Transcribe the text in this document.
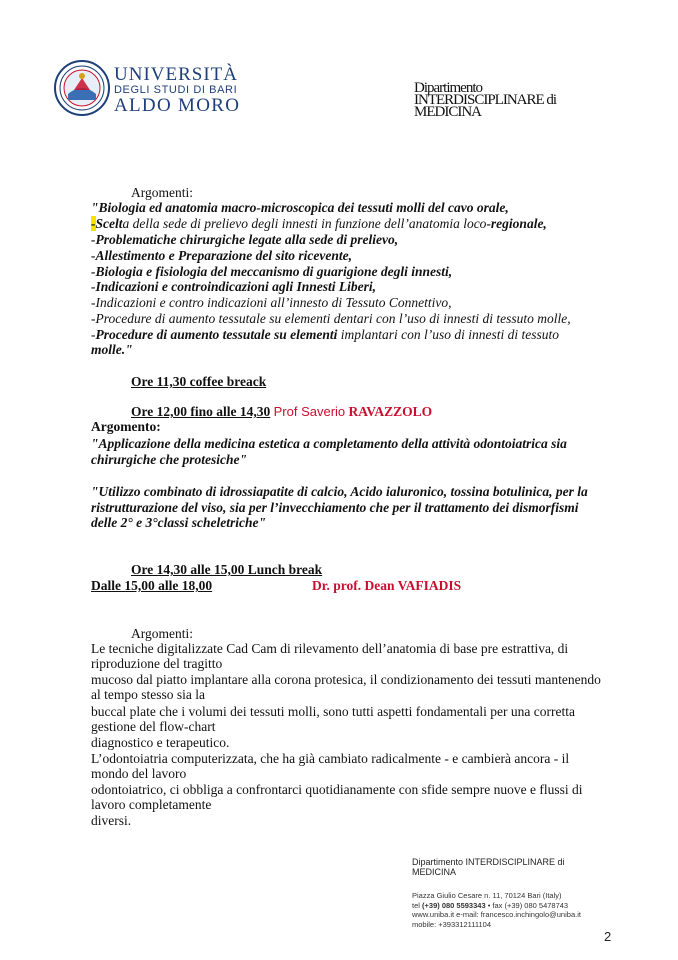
UNIVERSITÀ
DEGLI STUDI DI BARI
ALDO MORO
Dipartimento
INTERDISCIPLINARE di
MEDICINA
Argomenti:
"Biologia ed anatomia macro-microscopica dei tessuti molli del cavo orale,
-Scelta della sede di prelievo degli innesti in funzione dell’anatomia loco-regionale,
-Problematiche chirurgiche legate alla sede di prelievo,
-Allestimento e Preparazione del sito ricevente,
-Biologia e fisiologia del meccanismo di guarigione degli innesti,
-Indicazioni e controindicazioni agli Innesti Liberi,
-Indicazioni e contro indicazioni all’innesto di Tessuto Connettivo,
-Procedure di aumento tessutale su elementi dentari con l’uso di innesti di tessuto molle,
-Procedure di aumento tessutale su elementi implantari con l’uso di innesti di tessuto
molle."
Ore 11,30 coffee breack
Ore 12,00 fino alle 14,30 Prof Saverio RAVAZZOLO
Argomento:
"Applicazione della medicina estetica a completamento della attività odontoiatrica sia
chirurgiche che protesiche"
"Utilizzo combinato di idrossiapatite di calcio, Acido ialuronico, tossina botulinica, per la
ristrutturazione del viso, sia per l’invecchiamento che per il trattamento dei dismorfismi
delle 2° e 3°classi scheletriche"
Ore 14,30 alle 15,00 Lunch break
Dalle 15,00 alle 18,00	Dr. prof. Dean VAFIADIS
Argomenti:
Le tecniche digitalizzate Cad Cam di rilevamento dell’anatomia di base pre estrattiva, di
riproduzione del tragitto
mucoso dal piatto implantare alla corona protesica, il condizionamento dei tessuti mantenendo
al tempo stesso sia la
buccal plate che i volumi dei tessuti molli, sono tutti aspetti fondamentali per una corretta
gestione del flow-chart
diagnostico e terapeutico.
L’odontoiatria computerizzata, che ha già cambiato radicalmente - e cambierà ancora - il
mondo del lavoro
odontoiatrico, ci obbliga a confrontarci quotidianamente con sfide sempre nuove e flussi di
lavoro completamente
diversi.
Dipartimento INTERDISCIPLINARE di
MEDICINA
Piazza Giulio Cesare n. 11, 70124 Bari (Italy)
tel (+39) 080 5593343 • fax (+39) 080 5478743
www.uniba.it e-mail: francesco.inchingolo@uniba.it
mobile: +393312111104
2
